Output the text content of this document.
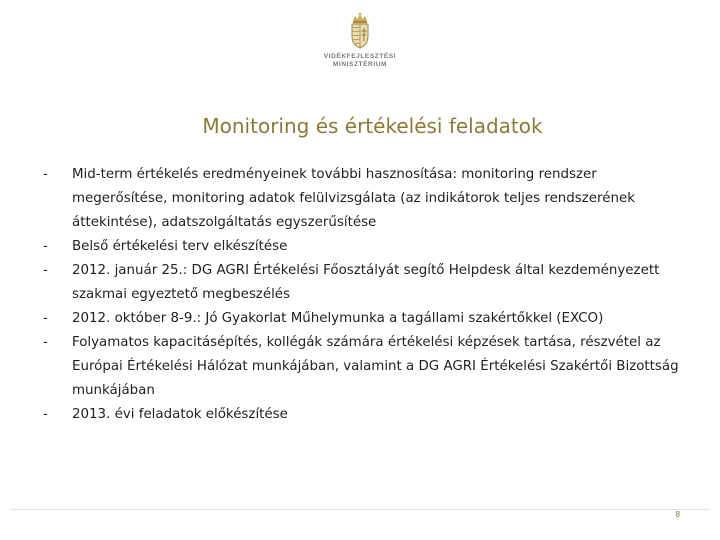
VIDÉKFEJLESZTÉSI
MINISZTÉRIUM
Monitoring és értékelési feladatok
- Mid-term értékelés eredményeinek további hasznosítása: monitoring rendszer megerősítése, monitoring adatok felülvizsgálata (az indikátorok teljes rendszerének áttekintése), adatszolgáltatás egyszerűsítése
- Belső értékelési terv elkészítése
- 2012. január 25.: DG AGRI Értékelési Főosztályát segítő Helpdesk által kezdeményezett szakmai egyeztető megbeszélés
- 2012. október 8-9.: Jó Gyakorlat Műhelymunka a tagállami szakértőkkel (EXCO)
- Folyamatos kapacitásépítés, kollégák számára értékelési képzések tartása, részvétel az Európai Értékelési Hálózat munkájában, valamint a DG AGRI Értékelési Szakértői Bizottság munkájában
- 2013. évi feladatok előkészítése
8
